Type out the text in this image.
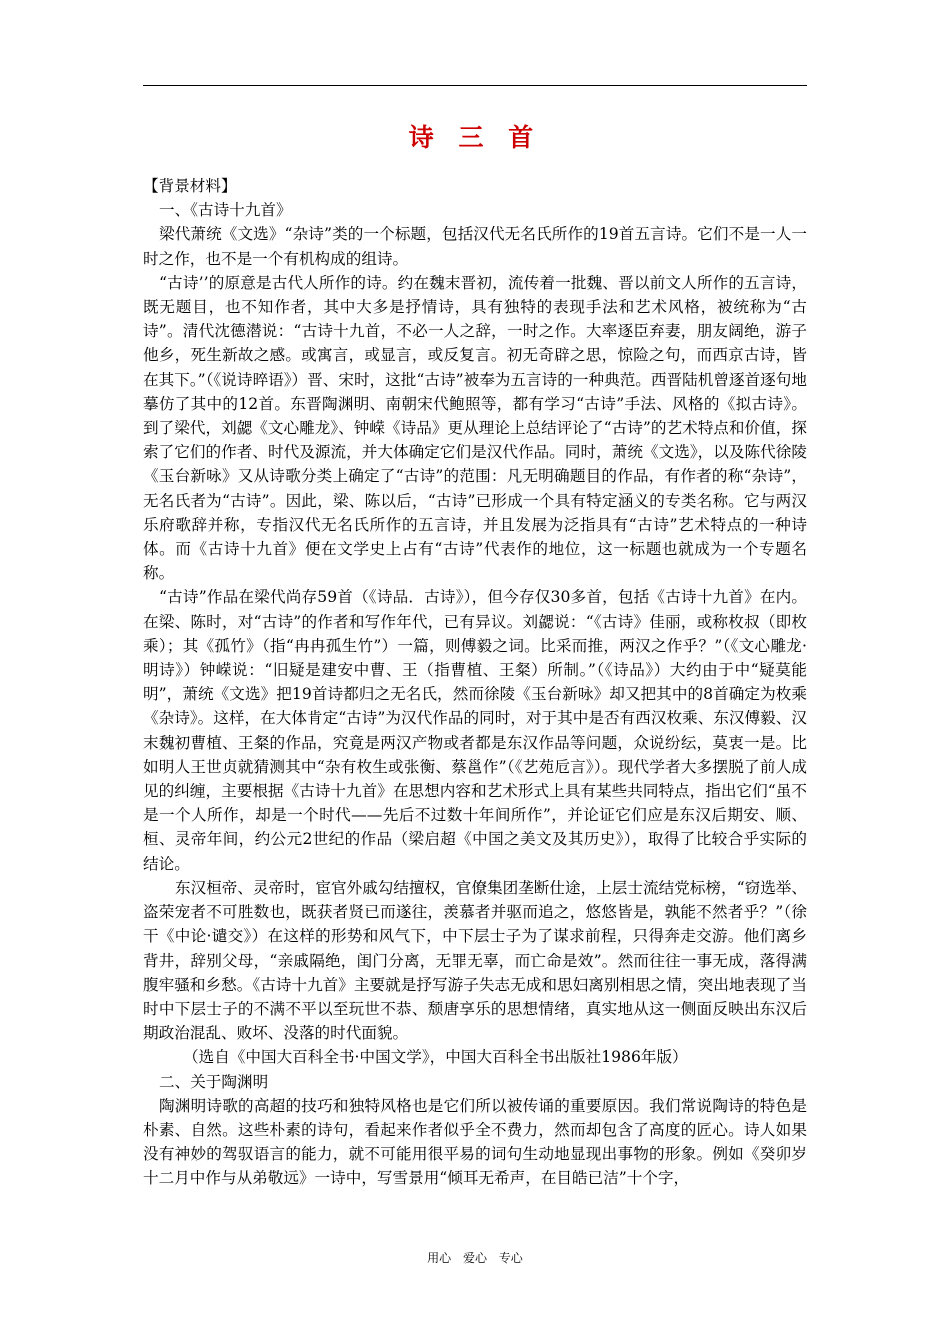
诗 三 首

【背景材料】

一、《古诗十九首》

梁代萧统《文选》“杂诗”类的一个标题，包括汉代无名氏所作的19首五言诗。它们不是一人一时之作，也不是一个有机构成的组诗。

“古诗’’的原意是古代人所作的诗。约在魏末晋初，流传着一批魏、晋以前文人所作的五言诗，既无题目，也不知作者，其中大多是抒情诗，具有独特的表现手法和艺术风格，被统称为“古诗”。清代沈德潜说：“古诗十九首，不必一人之辞，一时之作。大率逐臣弃妻，朋友阔绝，游子他乡，死生新故之感。或寓言，或显言，或反复言。初无奇辟之思，惊险之句，而西京古诗，皆在其下。”（《说诗晬语》）晋、宋时，这批“古诗”被奉为五言诗的一种典范。西晋陆机曾逐首逐句地摹仿了其中的12首。东晋陶渊明、南朝宋代鲍照等，都有学习“古诗”手法、风格的《拟古诗》。到了梁代，刘勰《文心雕龙》、钟嵘《诗品》更从理论上总结评论了“古诗”的艺术特点和价值，探索了它们的作者、时代及源流，并大体确定它们是汉代作品。同时，萧统《文选》，以及陈代徐陵《玉台新咏》又从诗歌分类上确定了“古诗”的范围：凡无明确题目的作品，有作者的称“杂诗”，无名氏者为“古诗”。因此，梁、陈以后，“古诗”已形成一个具有特定涵义的专类名称。它与两汉乐府歌辞并称，专指汉代无名氏所作的五言诗，并且发展为泛指具有“古诗”艺术特点的一种诗体。而《古诗十九首》便在文学史上占有“古诗”代表作的地位，这一标题也就成为一个专题名称。

“古诗”作品在梁代尚存59首（《诗品．古诗》），但今存仅30多首，包括《古诗十九首》在内。在梁、陈时，对“古诗”的作者和写作年代，已有异议。刘勰说：“《古诗》佳丽，或称枚叔（即枚乘）；其《孤竹》（指“冉冉孤生竹”）一篇，则傅毅之词。比采而推，两汉之作乎？”（《文心雕龙·明诗》）钟嵘说：“旧疑是建安中曹、王（指曹植、王粲）所制。”（《诗品》）大约由于中“疑莫能明”，萧统《文选》把19首诗都归之无名氏，然而徐陵《玉台新咏》却又把其中的8首确定为枚乘《杂诗》。这样，在大体肯定“古诗”为汉代作品的同时，对于其中是否有西汉枚乘、东汉傅毅、汉末魏初曹植、王粲的作品，究竟是两汉产物或者都是东汉作品等问题，众说纷纭，莫衷一是。比如明人王世贞就猜测其中“杂有枚生或张衡、蔡邕作”（《艺苑卮言》）。现代学者大多摆脱了前人成见的纠缠，主要根据《古诗十九首》在思想内容和艺术形式上具有某些共同特点，指出它们“虽不是一个人所作，却是一个时代——先后不过数十年间所作”，并论证它们应是东汉后期安、顺、桓、灵帝年间，约公元2世纪的作品（梁启超《中国之美文及其历史》），取得了比较合乎实际的结论。

东汉桓帝、灵帝时，宦官外戚勾结擅权，官僚集团垄断仕途，上层士流结党标榜，“窃选举、盗荣宠者不可胜数也，既获者贤已而遂往，羡慕者并驱而追之，悠悠皆是，孰能不然者乎？”（徐干《中论·谴交》）在这样的形势和风气下，中下层士子为了谋求前程，只得奔走交游。他们离乡背井，辞别父母，“亲戚隔绝，闺门分离，无罪无辜，而亡命是效”。然而往往一事无成，落得满腹牢骚和乡愁。《古诗十九首》主要就是抒写游子失志无成和思妇离别相思之情，突出地表现了当时中下层士子的不满不平以至玩世不恭、颓唐享乐的思想情绪，真实地从这一侧面反映出东汉后期政治混乱、败坏、没落的时代面貌。

（选自《中国大百科全书·中国文学》，中国大百科全书出版社1986年版）

二、关于陶渊明

陶渊明诗歌的高超的技巧和独特风格也是它们所以被传诵的重要原因。我们常说陶诗的特色是朴素、自然。这些朴素的诗句，看起来作者似乎全不费力，然而却包含了高度的匠心。诗人如果没有神妙的驾驭语言的能力，就不可能用很平易的词句生动地显现出事物的形象。例如《癸卯岁十二月中作与从弟敬远》一诗中，写雪景用“倾耳无希声，在目皓已洁”十个字，

用心 爱心 专心
